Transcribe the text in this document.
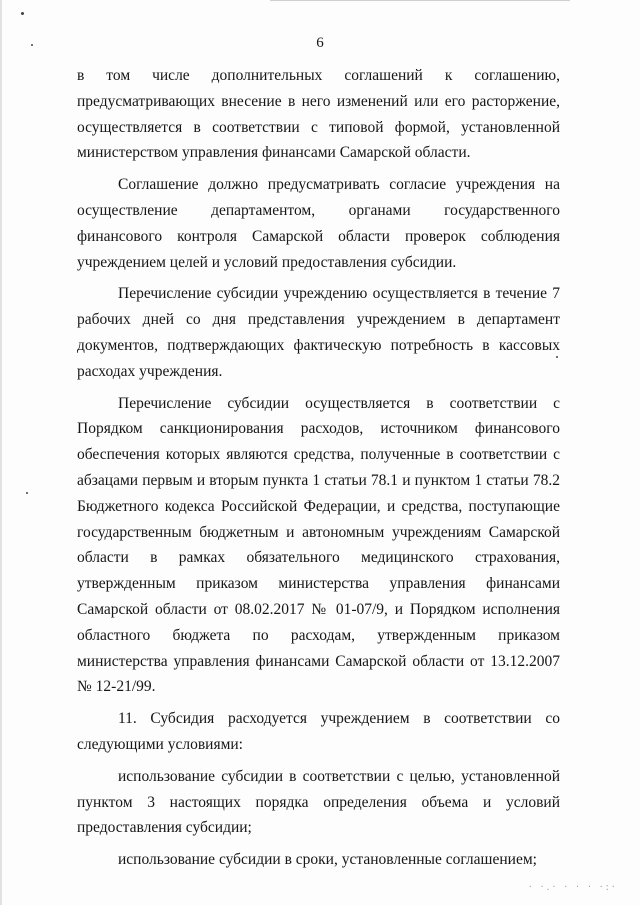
6

в том числе дополнительных соглашений к соглашению, предусматривающих внесение в него изменений или его расторжение, осуществляется в соответствии с типовой формой, установленной министерством управления финансами Самарской области.

Соглашение должно предусматривать согласие учреждения на осуществление департаментом, органами государственного финансового контроля Самарской области проверок соблюдения учреждением целей и условий предоставления субсидии.

Перечисление субсидии учреждению осуществляется в течение 7 рабочих дней со дня представления учреждением в департамент документов, подтверждающих фактическую потребность в кассовых расходах учреждения.

Перечисление субсидии осуществляется в соответствии с Порядком санкционирования расходов, источником финансового обеспечения которых являются средства, полученные в соответствии с абзацами первым и вторым пункта 1 статьи 78.1 и пунктом 1 статьи 78.2 Бюджетного кодекса Российской Федерации, и средства, поступающие государственным бюджетным и автономным учреждениям Самарской области в рамках обязательного медицинского страхования, утвержденным приказом министерства управления финансами Самарской области от 08.02.2017 № 01-07/9, и Порядком исполнения областного бюджета по расходам, утвержденным приказом министерства управления финансами Самарской области от 13.12.2007 № 12-21/99.

11. Субсидия расходуется учреждением в соответствии со следующими условиями:

использование субсидии в соответствии с целью, установленной пунктом 3 настоящих порядка определения объема и условий предоставления субсидии;

использование субсидии в сроки, установленные соглашением;

· ·.· · · · ·:·
